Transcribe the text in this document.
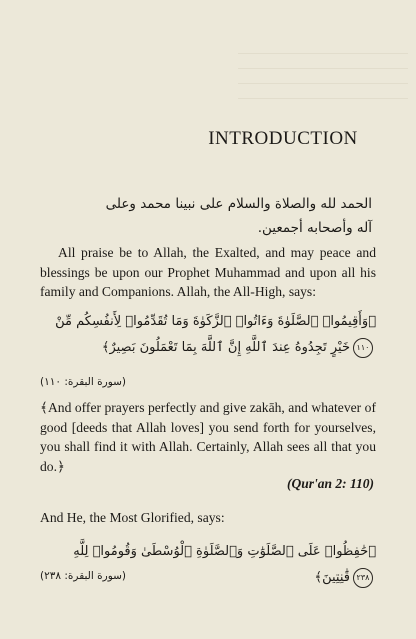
INTRODUCTION
الحمد لله والصلاة والسلام على نبينا محمد وعلى
آله وأصحابه أجمعين.

All praise be to Allah, the Exalted, and may peace and blessings be upon our Prophet Muhammad and upon all his family and Companions. Allah, the All-High, says:

﴿وَأَقِيمُوا۟ ٱلصَّلَوٰةَ وَءَاتُوا۟ ٱلزَّكَوٰةَ وَمَا تُقَدِّمُوا۟ لِأَنفُسِكُم مِّنْ
١١٠خَيْرٍ تَجِدُوهُ عِندَ ٱللَّهِ إِنَّ ٱللَّهَ بِمَا تَعْمَلُونَ بَصِيرٌ﴾
(سورة البقرة: ١١٠)

﴾And offer prayers perfectly and give zakāh, and whatever of good [deeds that Allah loves] you send forth for yourselves, you shall find it with Allah. Certainly, Allah sees all that you do.﴿

(Qur'an 2: 110)

And He, the Most Glorified, says:

﴿حَٰفِظُوا۟ عَلَى ٱلصَّلَوَٰتِ وَٱلصَّلَوٰةِ ٱلْوُسْطَىٰ وَقُومُوا۟ لِلَّهِ
٢٣٨قَٰنِتِينَ﴾
(سورة البقرة: ٢٣٨)
